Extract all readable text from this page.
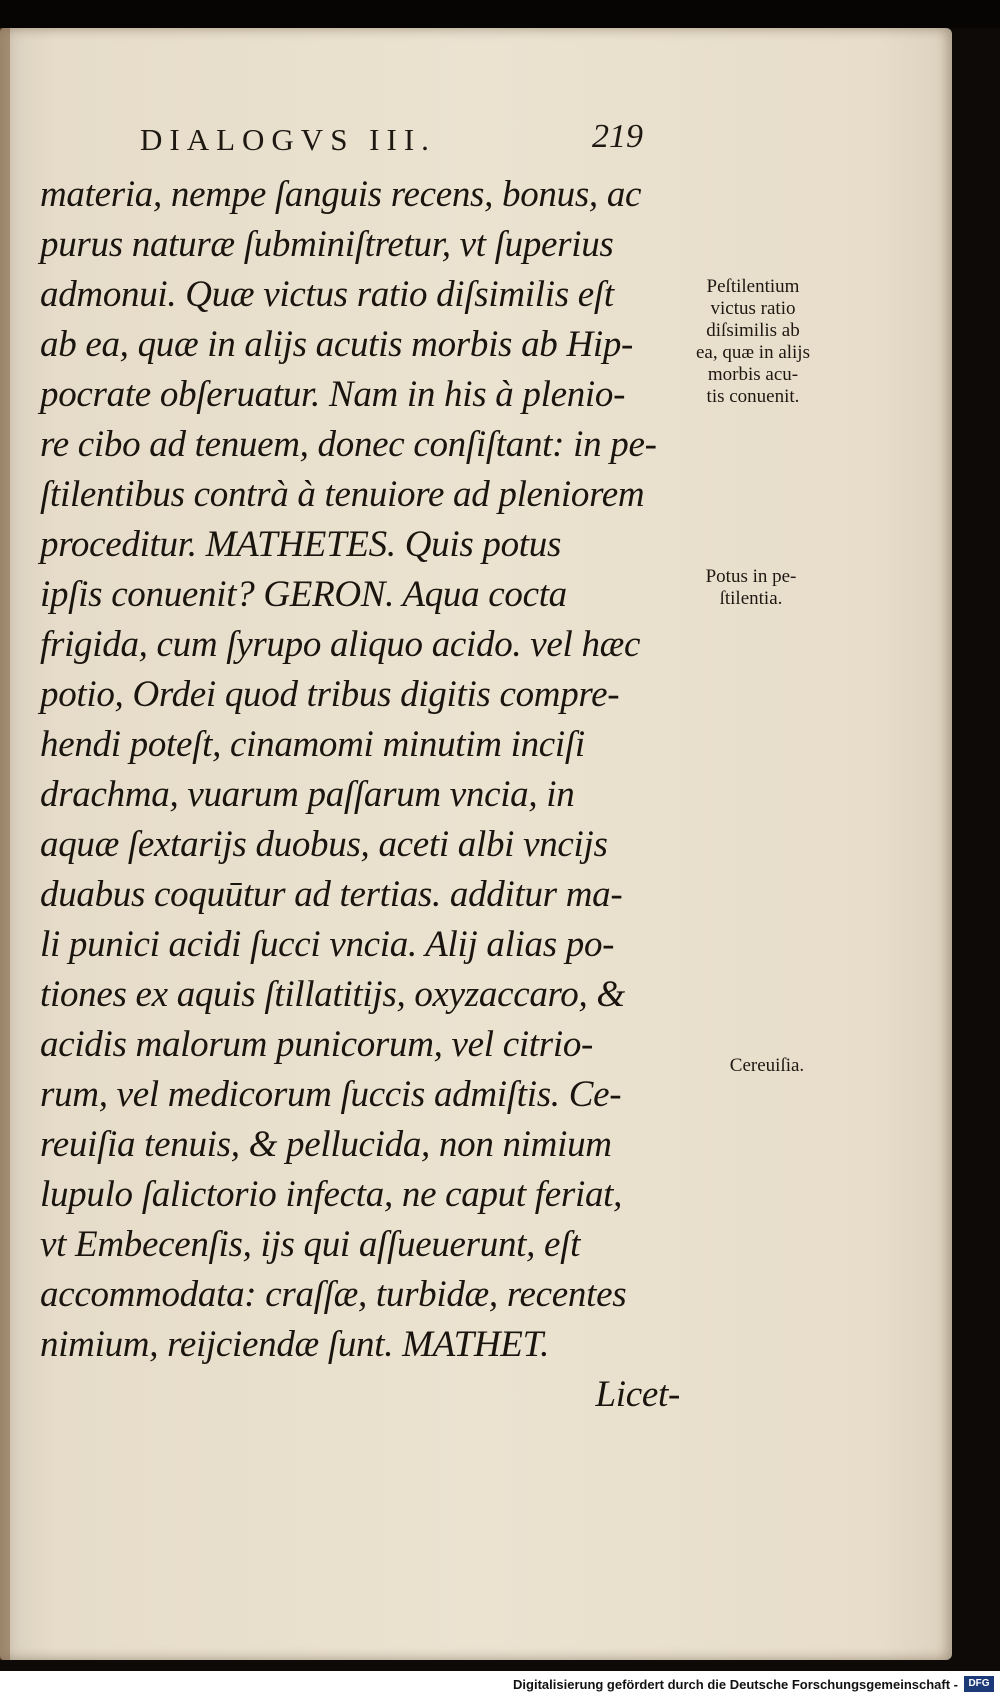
DIALOGVS III.	219
materia, nempe ſanguis recens, bonus, ac
purus naturæ ſubminiſtretur, vt ſuperius
admonui. Quæ victus ratio diſsimilis eſt
ab ea, quæ in alijs acutis morbis ab Hip-
pocrate obſeruatur. Nam in his à plenio-
re cibo ad tenuem, donec conſiſtant: in pe-
ſtilentibus contrà à tenuiore ad pleniorem
proceditur. MATHETES. Quis potus
ipſis conuenit? GERON. Aqua cocta
frigida, cum ſyrupo aliquo acido. vel hæc
potio, Ordei quod tribus digitis compre-
hendi poteſt, cinamomi minutim inciſi
drachma, vuarum paſſarum vncia, in
aquæ ſextarijs duobus, aceti albi vncijs
duabus coquūtur ad tertias. additur ma-
li punici acidi ſucci vncia. Alij alias po-
tiones ex aquis ſtillatitijs, oxyzaccaro, &
acidis malorum punicorum, vel citrio-
rum, vel medicorum ſuccis admiſtis. Ce-
reuiſia tenuis, & pellucida, non nimium
lupulo ſalictorio infecta, ne caput feriat,
vt Embecenſis, ijs qui aſſueuerunt, eſt
accommodata: craſſæ, turbidæ, recentes
nimium, reijciendæ ſunt. MATHET.
Licet-
Peſtilentium
victus ratio
diſsimilis ab
ea, quæ in alijs
morbis acu-
tis conuenit.
Potus in pe-
ſtilentia.
Cereuiſia.
Digitalisierung gefördert durch die Deutsche Forschungsgemeinschaft -	DFG
